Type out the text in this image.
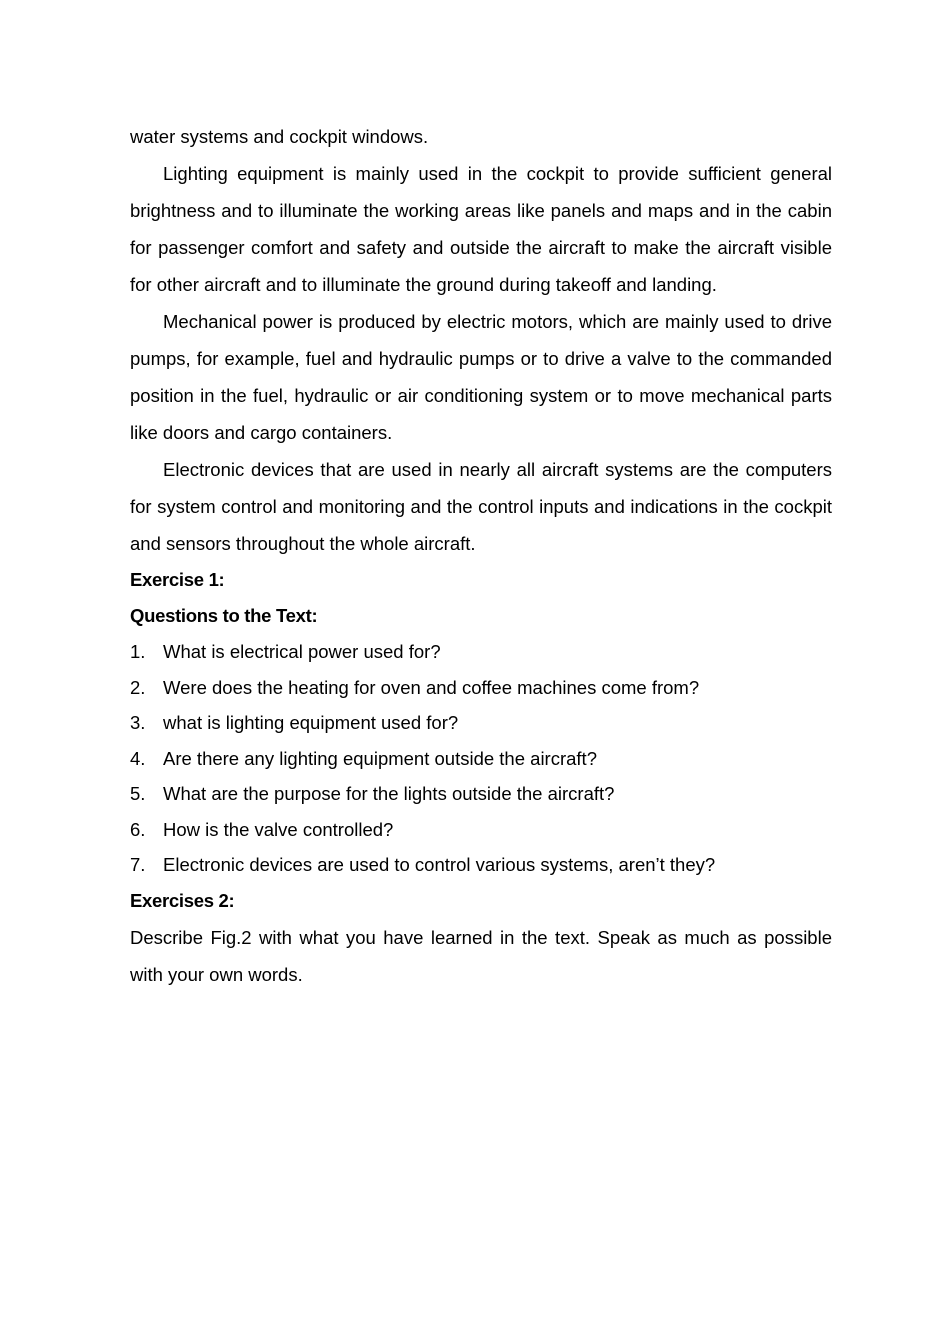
water systems and cockpit windows.

Lighting equipment is mainly used in the cockpit to provide sufficient general brightness and to illuminate the working areas like panels and maps and in the cabin for passenger comfort and safety and outside the aircraft to make the aircraft visible for other aircraft and to illuminate the ground during takeoff and landing.

Mechanical power is produced by electric motors, which are mainly used to drive pumps, for example, fuel and hydraulic pumps or to drive a valve to the commanded position in the fuel, hydraulic or air conditioning system or to move mechanical parts like doors and cargo containers.

Electronic devices that are used in nearly all aircraft systems are the computers for system control and monitoring and the control inputs and indications in the cockpit and sensors throughout the whole aircraft.

Exercise 1:
Questions to the Text:
1. What is electrical power used for?
2. Were does the heating for oven and coffee machines come from?
3. what is lighting equipment used for?
4. Are there any lighting equipment outside the aircraft?
5. What are the purpose for the lights outside the aircraft?
6. How is the valve controlled?
7. Electronic devices are used to control various systems, aren’t they?
Exercises 2:

Describe Fig.2 with what you have learned in the text. Speak as much as possible with your own words.
